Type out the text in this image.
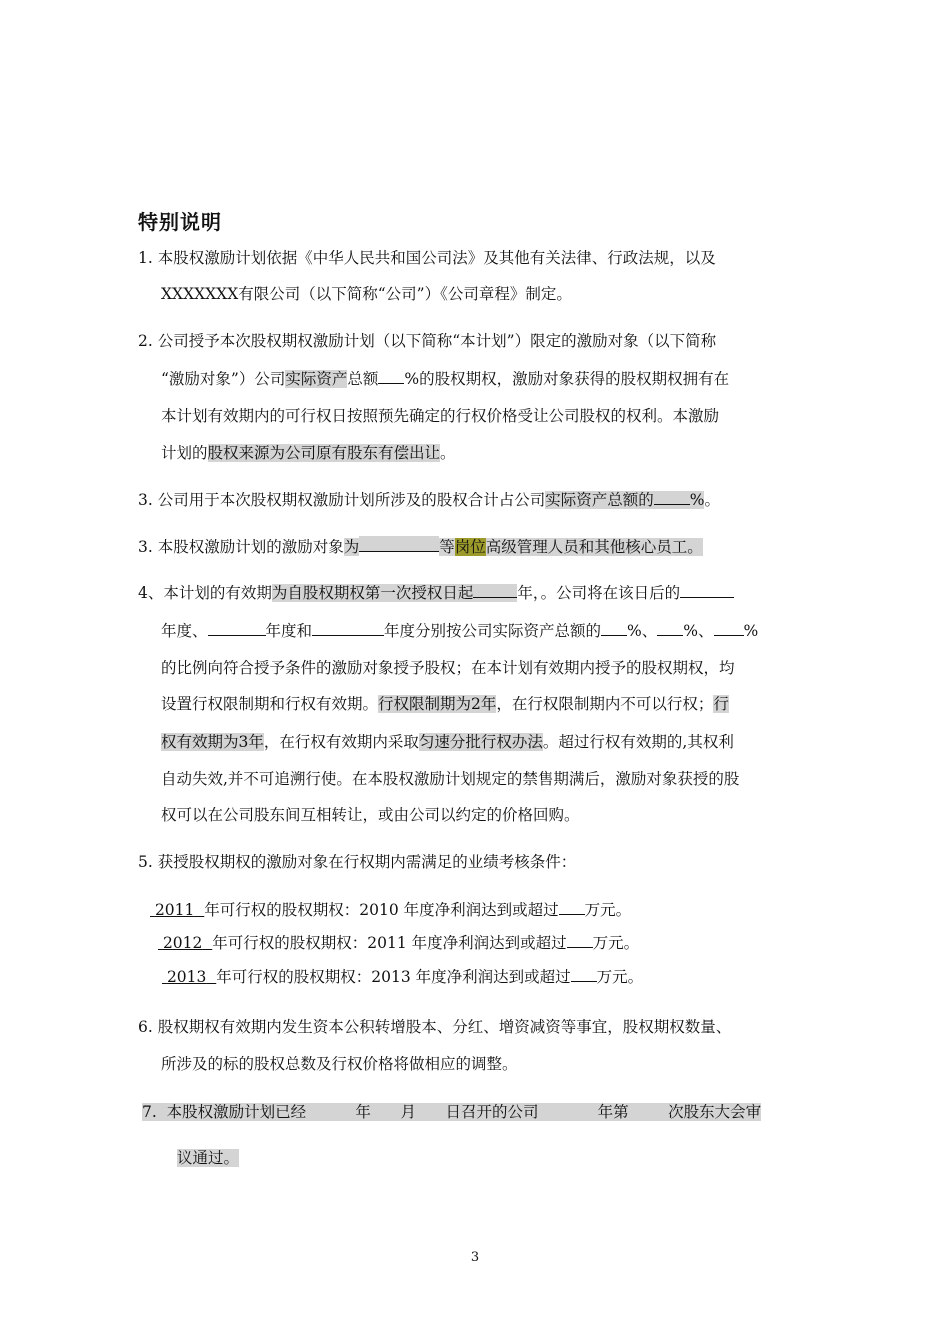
特别说明
1. 本股权激励计划依据《中华人民共和国公司法》及其他有关法律、行政法规，以及
XXXXXXX有限公司（以下简称“公司”）《公司章程》制定。
2. 公司授予本次股权期权激励计划（以下简称“本计划”）限定的激励对象（以下简称
“激励对象”）公司实际资产总额 %的股权期权，激励对象获得的股权期权拥有在
本计划有效期内的可行权日按照预先确定的行权价格受让公司股权的权利。本激励
计划的股权来源为公司原有股东有偿出让。
3. 公司用于本次股权期权激励计划所涉及的股权合计占公司实际资产总额的 %。
3. 本股权激励计划的激励对象为	等岗位高级管理人员和其他核心员工。
4、本计划的有效期为自股权期权第一次授权日起	年，。公司将在该日后的
年度、	年度和	年度分别按公司实际资产总额的 %、 %、 %
的比例向符合授予条件的激励对象授予股权；在本计划有效期内授予的股权期权，均
设置行权限制期和行权有效期。行权限制期为2年，在行权限制期内不可以行权；行
权有效期为3年，在行权有效期内采取匀速分批行权办法。超过行权有效期的,其权利
自动失效,并不可追溯行使。在本股权激励计划规定的禁售期满后，激励对象获授的股
权可以在公司股东间互相转让，或由公司以约定的价格回购。
5. 获授股权期权的激励对象在行权期内需满足的业绩考核条件：
2011 年可行权的股权期权：2010 年度净利润达到或超过 万元。
2012 年可行权的股权期权：2011 年度净利润达到或超过 万元。
2013 年可行权的股权期权：2013 年度净利润达到或超过 万元。
6. 股权期权有效期内发生资本公积转增股本、分红、增资减资等事宜，股权期权数量、
所涉及的标的股权总数及行权价格将做相应的调整。
7.  本股权激励计划已经          年      月      日召开的公司            年第        次股东大会审
议通过。
3
